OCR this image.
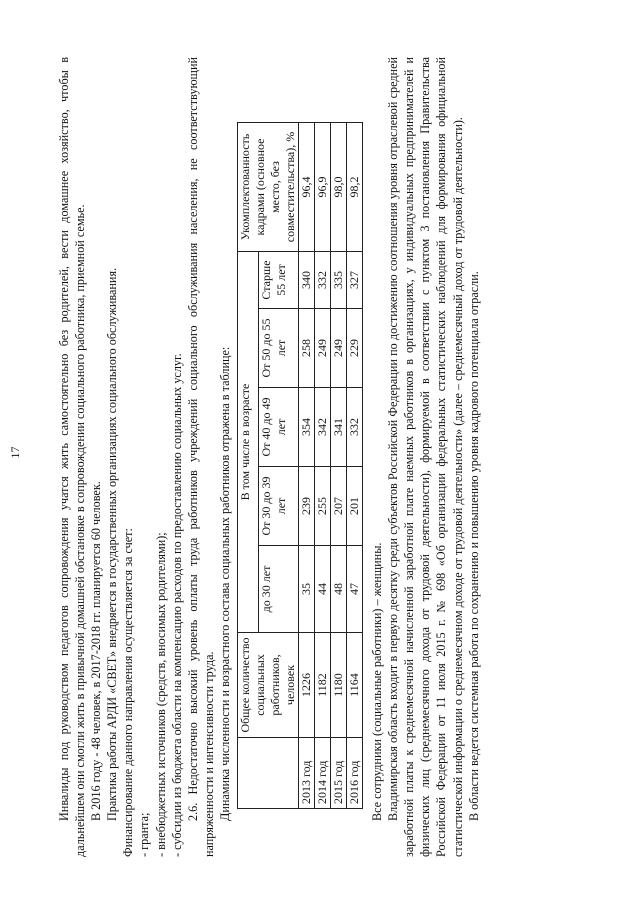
17	Инвалиды под руководством педагогов сопровождения учатся жить самостоятельно без родителей, вести домашнее хозяйство, чтобы в дальнейшем они смогли жить в привычной домашней обстановке в сопровождении социального работника, приемной семье. В 2016 году - 48 человек, в 2017-2018 гг. планируется 60 человек. Практика работы АРДИ «СВЕТ» внедряется в государственных организациях социального обслуживания. Финансирование данного направления осуществляется за счет: - гранта; - внебюджетных источников (средств, вносимых родителями); - субсидии из бюджета области на компенсацию расходов по предоставлению социальных услуг. 2.6. Недостаточно высокий уровень оплаты труда работников учреждений социального обслуживания населения, не соответствующий напряженности и интенсивности труда. Динамика численности и возрастного состава социальных работников отражена в таблице:

	Общее количество социальных работников, человек	В том числе в возрасте					Укомплектованность кадрами (основное место, без совместительства), %
		до 30 лет	От 30 до 39 лет	От 40 до 49 лет	От 50 до 55 лет	Старше 55 лет	
2013 год	1226	35	239	354	258	340	96,4
2014 год	1182	44	255	342	249	332	96,9
2015 год	1180	48	207	341	249	335	98,0
2016 год	1164	47	201	332	229	327	98,2

Все сотрудники (социальные работники) – женщины. Владимирская область входит в первую десятку среди субъектов Российской Федерации по достижению соотношения уровня отраслевой средней заработной платы к среднемесячной начисленной заработной плате наемных работников в организациях, у индивидуальных предпринимателей и физических лиц (среднемесячного дохода от трудовой деятельности), формируемой в соответствии с пунктом 3 постановления Правительства Российской Федерации от 11 июля 2015 г. № 698 «Об организации федеральных статистических наблюдений для формирования официальной статистической информации о среднемесячном доходе от трудовой деятельности» (далее – среднемесячный доход от трудовой деятельности). В области ведется системная работа по сохранению и повышению уровня кадрового потенциала отрасли.
